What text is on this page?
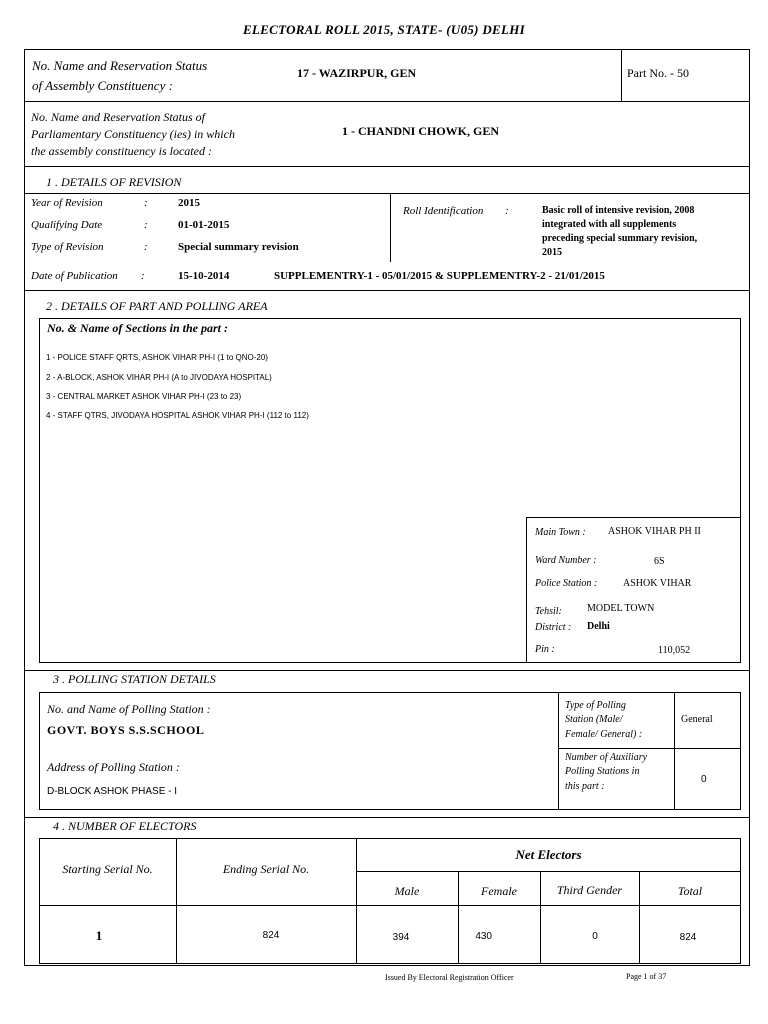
ELECTORAL ROLL 2015, STATE- (U05) DELHI
No. Name and Reservation Status
of Assembly Constituency :
17 - WAZIRPUR, GEN	Part No. - 50
No. Name and Reservation Status of
Parliamentary Constituency (ies) in which
the assembly constituency is located :
1 - CHANDNI CHOWK, GEN
1 . DETAILS OF REVISION
Year of Revision	:	2015
Qualifying Date	:	01-01-2015
Type of Revision	:	Special summary revision
Roll Identification :	Basic roll of intensive revision, 2008
integrated with all supplements
preceding special summary revision,
2015
Date of Publication :	15-10-2014	SUPPLEMENTRY-1 - 05/01/2015 & SUPPLEMENTRY-2 - 21/01/2015
2 . DETAILS OF PART AND POLLING AREA
No. & Name of Sections in the part :
1 - POLICE STAFF QRTS, ASHOK VIHAR PH-I (1 to QNO-20)
2 - A-BLOCK, ASHOK VIHAR PH-I (A to JIVODAYA HOSPITAL)
3 - CENTRAL MARKET ASHOK VIHAR PH-I (23 to 23)
4 - STAFF QTRS, JIVODAYA HOSPITAL ASHOK VIHAR PH-I (112 to 112)
Main Town : ASHOK VIHAR PH II
Ward Number :	6S
Police Station :	ASHOK VIHAR
Tehsil:	MODEL TOWN
District : Delhi
Pin :	110,052
3 . POLLING STATION DETAILS
No. and Name of Polling Station :
GOVT. BOYS S.S.SCHOOL
Address of Polling Station :
D-BLOCK ASHOK PHASE - I
Type of Polling
Station (Male/
Female/ General) :
General
Number of Auxiliary
Polling Stations in
this part :
0
4 . NUMBER OF ELECTORS
Starting Serial No.	Ending Serial No.
Net Electors
Male	Female	Third Gender	Total
1	824	394	430	0	824
Issued By Electoral Registration Officer	Page 1 of 37
